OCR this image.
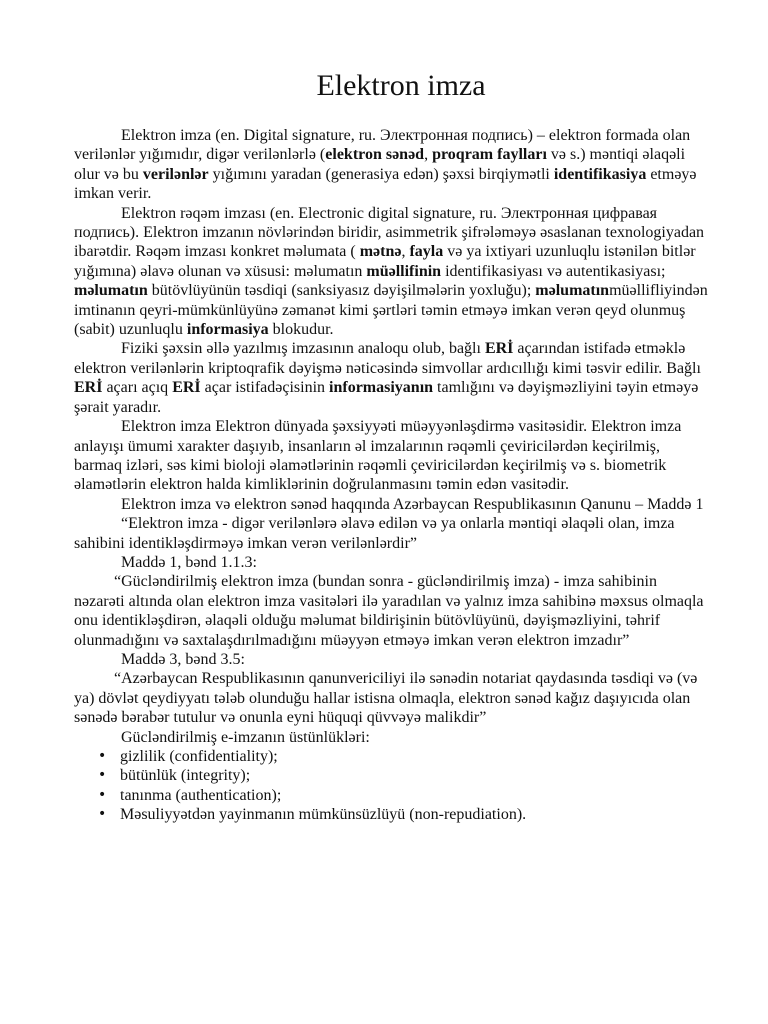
Elektron imza

Elektron imza (en. Digital signature, ru. Электронная подпись) – elektron formada olan verilənlər yığımıdır, digər verilənlərlə (elektron sənəd, proqram faylları və s.) məntiqi əlaqəli olur və bu verilənlər yığımını yaradan (generasiya edən) şəxsi birqiymətli identifikasiya etməyə imkan verir.

Elektron rəqəm imzası (en. Electronic digital signature, ru. Электронная цифравая подпись). Elektron imzanın növlərindən biridir, asimmetrik şifrələməyə əsaslanan texnologiyadan ibarətdir. Rəqəm imzası konkret məlumata ( mətnə, fayla və ya ixtiyari uzunluqlu istənilən bitlər yığımına) əlavə olunan və xüsusi: məlumatın müəllifinin identifikasiyası və autentikasiyası; məlumatın bütövlüyünün təsdiqi (sanksiyasız dəyişilmələrin yoxluğu); məlumatınmüəllifliyindən imtinanın qeyri-mümkünlüyünə zəmanət kimi şərtləri təmin etməyə imkan verən qeyd olunmuş (sabit) uzunluqlu informasiya blokudur.

Fiziki şəxsin əllə yazılmış imzasının analoqu olub, bağlı ERİ açarından istifadə etməklə elektron verilənlərin kriptoqrafik dəyişmə nəticəsində simvollar ardıcıllığı kimi təsvir edilir. Bağlı ERİ açarı açıq ERİ açar istifadəçisinin informasiyanın tamlığını və dəyişməzliyini təyin etməyə şərait yaradır.

Elektron imza Elektron dünyada şəxsiyyəti müəyyənləşdirmə vasitəsidir. Elektron imza anlayışı ümumi xarakter daşıyıb, insanların əl imzalarının rəqəmli çeviricilərdən keçirilmiş, barmaq izləri, səs kimi bioloji əlamətlərinin rəqəmli çeviricilərdən keçirilmiş və s. biometrik əlamətlərin elektron halda kimliklərinin doğrulanmasını təmin edən vasitədir.

Elektron imza və elektron sənəd haqqında Azərbaycan Respublikasının Qanunu – Maddə 1

“Elektron imza - digər verilənlərə əlavə edilən və ya onlarla məntiqi əlaqəli olan, imza sahibini identikləşdirməyə imkan verən verilənlərdir”

Maddə 1, bənd 1.1.3:

“Gücləndirilmiş elektron imza (bundan sonra - gücləndirilmiş imza) - imza sahibinin nəzarəti altında olan elektron imza vasitələri ilə yaradılan və yalnız imza sahibinə məxsus olmaqla onu identikləşdirən, əlaqəli olduğu məlumat bildirişinin bütövlüyünü, dəyişməzliyini, təhrif olunmadığını və saxtalaşdırılmadığını müəyyən etməyə imkan verən elektron imzadır”

Maddə 3, bənd 3.5:

“Azərbaycan Respublikasının qanunvericiliyi ilə sənədin notariat qaydasında təsdiqi və (və ya) dövlət qeydiyyatı tələb olunduğu hallar istisna olmaqla, elektron sənəd kağız daşıyıcıda olan sənədə bərabər tutulur və onunla eyni hüquqi qüvvəyə malikdir”

Gücləndirilmiş e-imzanın üstünlükləri:

• gizlilik (confidentiality);
• bütünlük (integrity);
• tanınma (authentication);
• Məsuliyyətdən yayinmanın mümkünsüzlüyü (non-repudiation).
